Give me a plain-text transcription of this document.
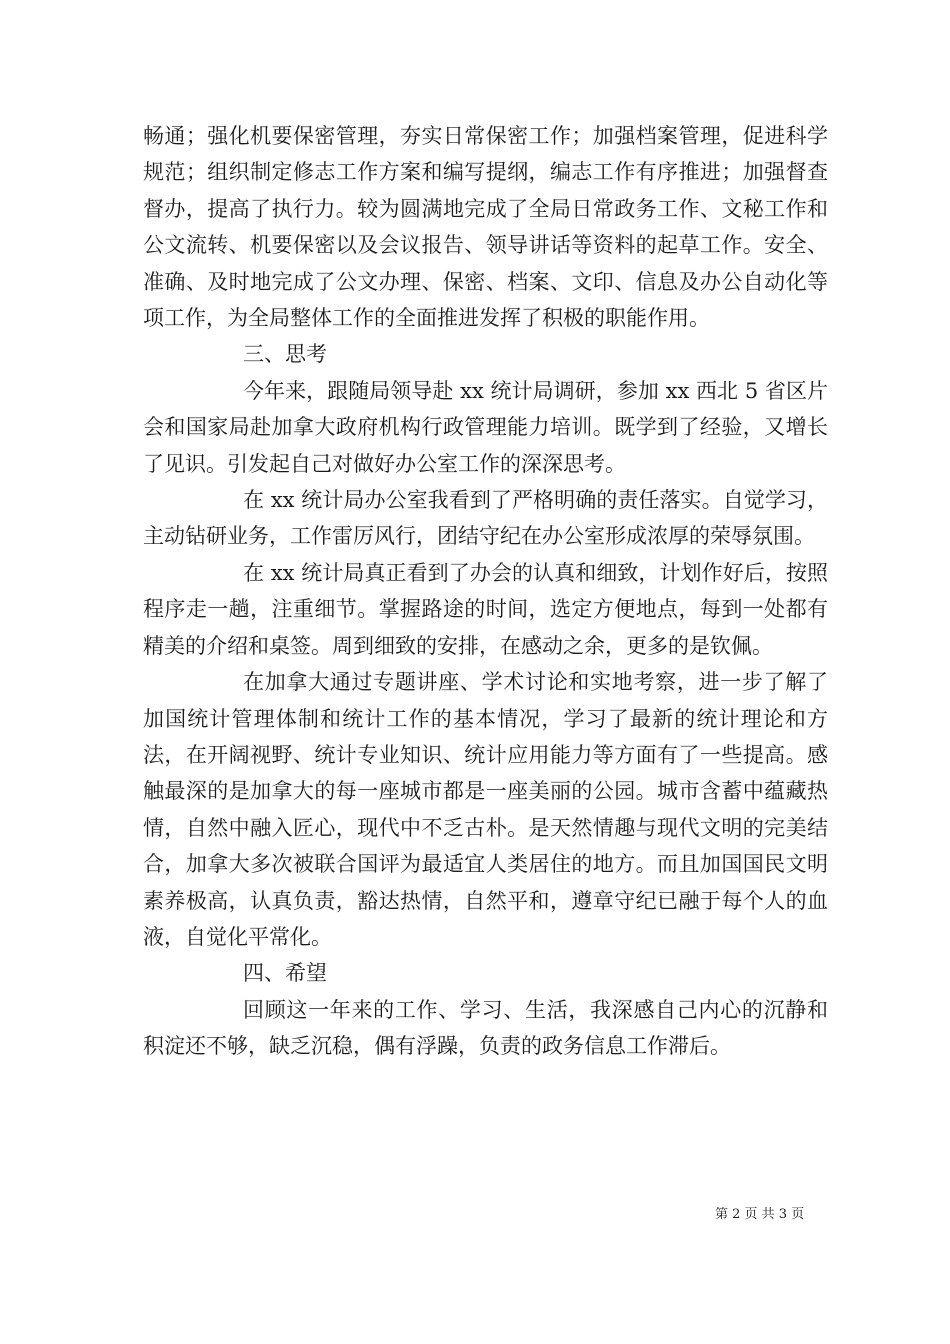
畅通；强化机要保密管理，夯实日常保密工作；加强档案管理，促进科学规范；组织制定修志工作方案和编写提纲，编志工作有序推进；加强督查督办，提高了执行力。较为圆满地完成了全局日常政务工作、文秘工作和公文流转、机要保密以及会议报告、领导讲话等资料的起草工作。安全、准确、及时地完成了公文办理、保密、档案、文印、信息及办公自动化等项工作，为全局整体工作的全面推进发挥了积极的职能作用。

三、思考

今年来，跟随局领导赴 xx 统计局调研，参加 xx 西北 5 省区片会和国家局赴加拿大政府机构行政管理能力培训。既学到了经验，又增长了见识。引发起自己对做好办公室工作的深深思考。

在 xx 统计局办公室我看到了严格明确的责任落实。自觉学习，主动钻研业务，工作雷厉风行，团结守纪在办公室形成浓厚的荣辱氛围。

在 xx 统计局真正看到了办会的认真和细致，计划作好后，按照程序走一趟，注重细节。掌握路途的时间，选定方便地点，每到一处都有精美的介绍和桌签。周到细致的安排，在感动之余，更多的是钦佩。

在加拿大通过专题讲座、学术讨论和实地考察，进一步了解了加国统计管理体制和统计工作的基本情况，学习了最新的统计理论和方法，在开阔视野、统计专业知识、统计应用能力等方面有了一些提高。感触最深的是加拿大的每一座城市都是一座美丽的公园。城市含蓄中蕴藏热情，自然中融入匠心，现代中不乏古朴。是天然情趣与现代文明的完美结合，加拿大多次被联合国评为最适宜人类居住的地方。而且加国国民文明素养极高，认真负责，豁达热情，自然平和，遵章守纪已融于每个人的血液，自觉化平常化。

四、希望

回顾这一年来的工作、学习、生活，我深感自己内心的沉静和积淀还不够，缺乏沉稳，偶有浮躁，负责的政务信息工作滞后。

第 2 页 共 3 页
